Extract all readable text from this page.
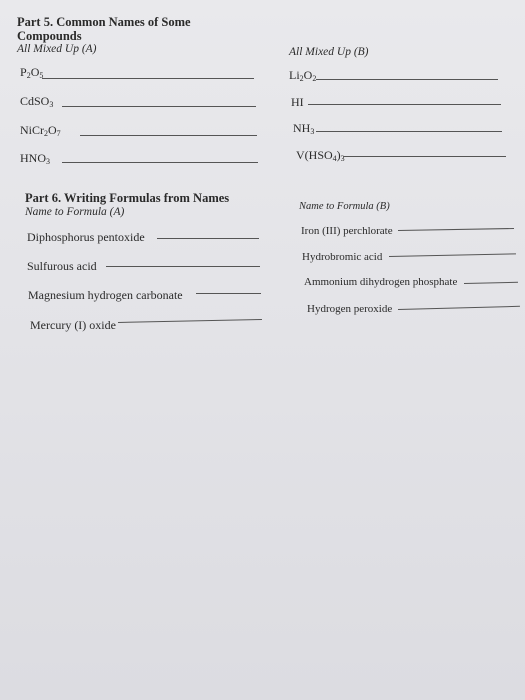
Part 5. Common Names of Some
Compounds
All Mixed Up (A)	All Mixed Up (B)
$P_2O_5$
CdSO$_3$
$NiCr_2O_7$
$HNO_3$
$Li_2O_2$
HI
$NH_3$
$V(HSO_4)_3$
Part 6. Writing Formulas from Names
Name to Formula (A)	Name to Formula (B)
Diphosphorus pentoxide
Sulfurous acid
Magnesium hydrogen carbonate
Mercury (I) oxide
Iron (III) perchlorate
Hydrobromic acid
Ammonium dihydrogen phosphate
Hydrogen peroxide
